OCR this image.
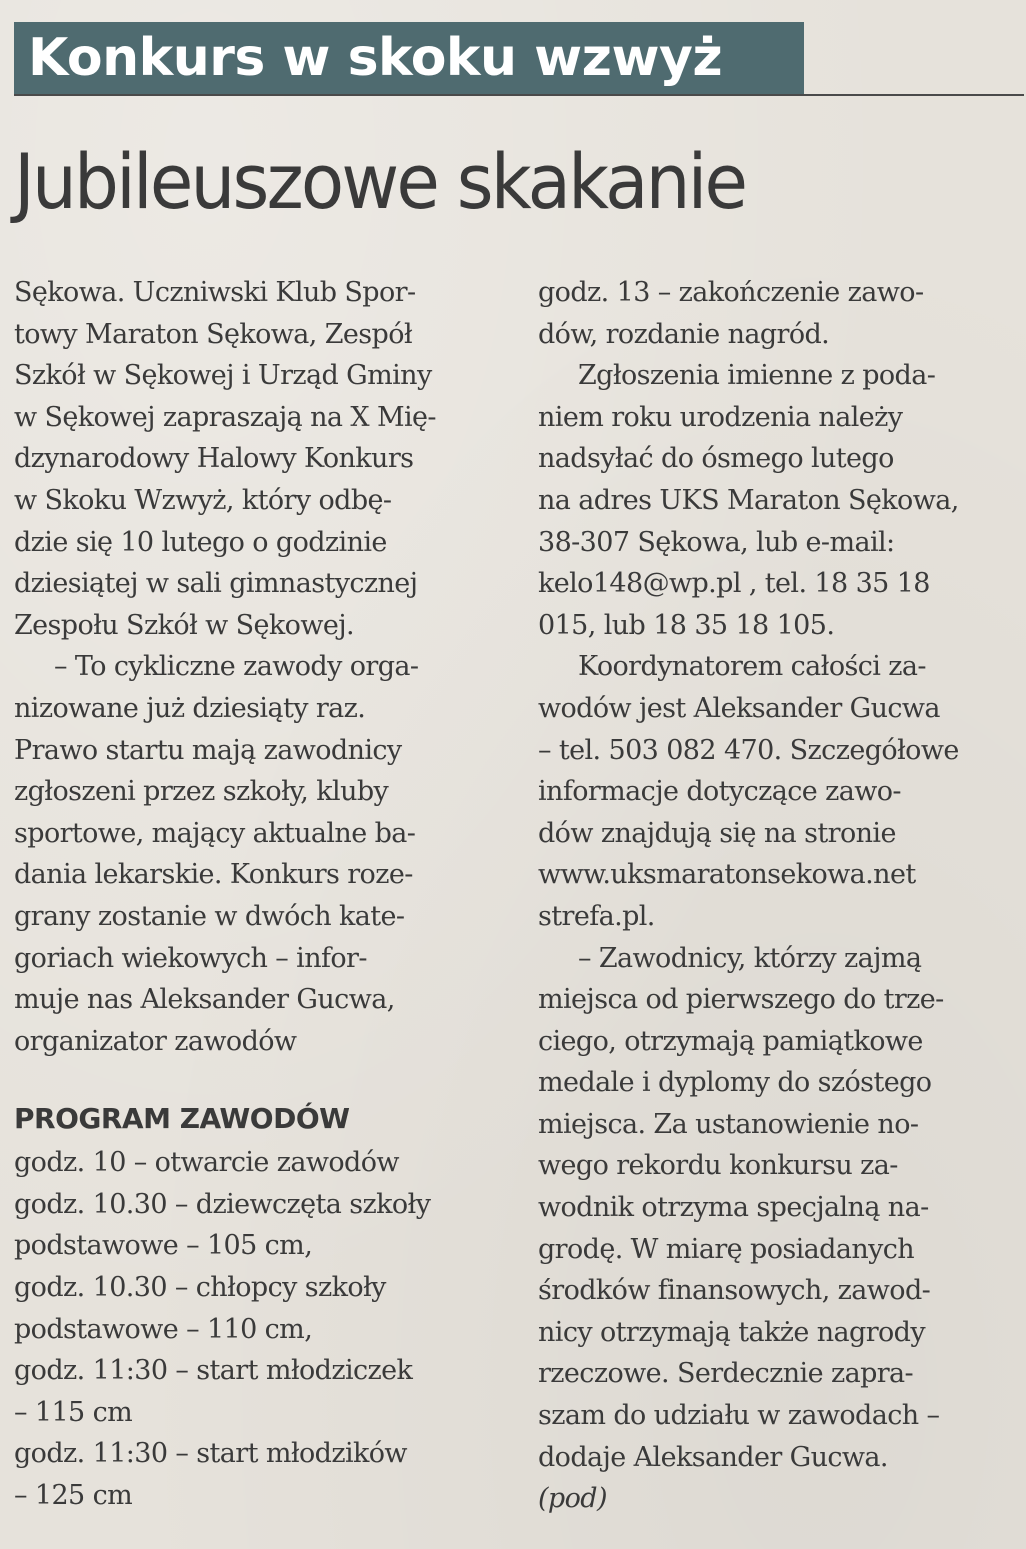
Konkurs w skoku wzwyż
Jubileuszowe skakanie
Sękowa. Uczniwski Klub Spor-
towy Maraton Sękowa, Zespół
Szkół w Sękowej i Urząd Gminy
w Sękowej zapraszają na X Mię-
dzynarodowy Halowy Konkurs
w Skoku Wzwyż, który odbę-
dzie się 10 lutego o godzinie
dziesiątej w sali gimnastycznej
Zespołu Szkół w Sękowej.
– To cykliczne zawody orga-
nizowane już dziesiąty raz.
Prawo startu mają zawodnicy
zgłoszeni przez szkoły, kluby
sportowe, mający aktualne ba-
dania lekarskie. Konkurs roze-
grany zostanie w dwóch kate-
goriach wiekowych – infor-
muje nas Aleksander Gucwa,
organizator zawodów
PROGRAM ZAWODÓW
godz. 10 – otwarcie zawodów
godz. 10.30 – dziewczęta szkoły
podstawowe – 105 cm,
godz. 10.30 – chłopcy szkoły
podstawowe – 110 cm,
godz. 11:30 – start młodziczek
– 115 cm
godz. 11:30 – start młodzików
– 125 cm
godz. 13 – zakończenie zawo-
dów, rozdanie nagród.
Zgłoszenia imienne z poda-
niem roku urodzenia należy
nadsyłać do ósmego lutego
na adres UKS Maraton Sękowa,
38-307 Sękowa, lub e-mail:
kelo148@wp.pl , tel. 18 35 18
015, lub 18 35 18 105.
Koordynatorem całości za-
wodów jest Aleksander Gucwa
– tel. 503 082 470. Szczegółowe
informacje dotyczące zawo-
dów znajdują się na stronie
www.uksmaratonsekowa.net
strefa.pl.
– Zawodnicy, którzy zajmą
miejsca od pierwszego do trze-
ciego, otrzymają pamiątkowe
medale i dyplomy do szóstego
miejsca. Za ustanowienie no-
wego rekordu konkursu za-
wodnik otrzyma specjalną na-
grodę. W miarę posiadanych
środków finansowych, zawod-
nicy otrzymają także nagrody
rzeczowe. Serdecznie zapra-
szam do udziału w zawodach –
dodaje Aleksander Gucwa.
(pod)
